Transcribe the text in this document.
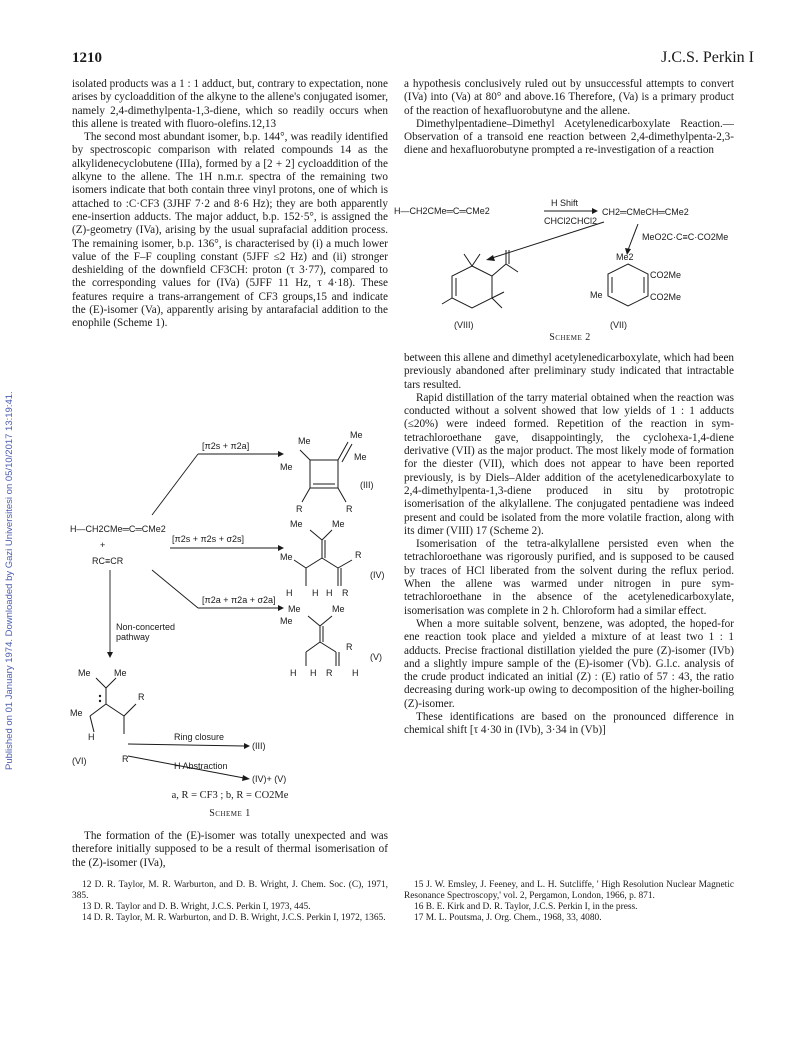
Published on 01 January 1974. Downloaded by Gazi Universitesi on 05/10/2017 13:19:41.
1210	J.C.S. Perkin I

isolated products was a 1 : 1 adduct, but, contrary to expectation, none arises by cycloaddition of the alkyne to the allene's conjugated isomer, namely 2,4-dimethylpenta-1,3-diene, which so readily occurs when this allene is treated with fluoro-olefins.12,13

The second most abundant isomer, b.p. 144°, was readily identified by spectroscopic comparison with related compounds 14 as the alkylidenecyclobutene (IIIa), formed by a [2 + 2] cycloaddition of the alkyne to the allene. The 1H n.m.r. spectra of the remaining two isomers indicate that both contain three vinyl protons, one of which is attached to :C·CF3 (3JHF 7·2 and 8·6 Hz); they are both apparently ene-insertion adducts. The major adduct, b.p. 152·5°, is assigned the (Z)-geometry (IVa), arising by the usual suprafacial addition process. The remaining isomer, b.p. 136°, is characterised by (i) a much lower value of the F–F coupling constant (5JFF ≤2 Hz) and (ii) stronger deshielding of the downfield CF3CH: proton (τ 3·77), compared to the corresponding values for (IVa) (5JFF 11 Hz, τ 4·18). These features require a trans-arrangement of CF3 groups,15 and indicate the (E)-isomer (Va), apparently arising by antarafacial addition to the enophile (Scheme 1).

H—CH2CMe═C═CMe2
+
RC≡CR
[π2s + π2a]
[π2s + π2s + σ2s]
[π2a + π2a + σ2a]
Non-concerted
pathway
Me
Me
Me
Me
R	R
(III)
Me	Me
Me	R
H H H R
(IV)
Me	Me
Me
H H R H
R
(V)
Me	Me
R
Me
H
R
(VI)
Ring closure
(III)
H Abstraction
(IV)+ (V)
a, R = CF3 ; b, R = CO2Me
Scheme 1

The formation of the (E)-isomer was totally unexpected and was therefore initially supposed to be a result of thermal isomerisation of the (Z)-isomer (IVa),

12 D. R. Taylor, M. R. Warburton, and D. B. Wright, J. Chem. Soc. (C), 1971, 385.

13 D. R. Taylor and D. B. Wright, J.C.S. Perkin I, 1973, 445.

14 D. R. Taylor, M. R. Warburton, and D. B. Wright, J.C.S. Perkin I, 1972, 1365.

a hypothesis conclusively ruled out by unsuccessful attempts to convert (IVa) into (Va) at 80° and above.16 Therefore, (Va) is a primary product of the reaction of hexafluorobutyne and the allene.

Dimethylpentadiene–Dimethyl Acetylenedicarboxylate Reaction.—Observation of a transoid ene reaction between 2,4-dimethylpenta-2,3-diene and hexafluorobutyne prompted a re-investigation of a reaction

H—CH2CMe═C═CMe2
H Shift
CHCl2CHCl2
CH2═CMeCH═CMe2
MeO2C·C≡C·CO2Me
(VIII)
Me2
CO2Me
CO2Me
Me
(VII)
Scheme 2

between this allene and dimethyl acetylenedicarboxylate, which had been previously abandoned after preliminary study indicated that intractable tars resulted.

Rapid distillation of the tarry material obtained when the reaction was conducted without a solvent showed that low yields of 1 : 1 adducts (≤20%) were indeed formed. Repetition of the reaction in sym-tetrachloroethane gave, disappointingly, the cyclohexa-1,4-diene derivative (VII) as the major product. The most likely mode of formation for the diester (VII), which does not appear to have been reported previously, is by Diels–Alder addition of the acetylenedicarboxylate to 2,4-dimethylpenta-1,3-diene produced in situ by prototropic isomerisation of the alkylallene. The conjugated pentadiene was indeed present and could be isolated from the more volatile fraction, along with its dimer (VIII) 17 (Scheme 2).

Isomerisation of the tetra-alkylallene persisted even when the tetrachloroethane was rigorously purified, and is supposed to be caused by traces of HCl liberated from the solvent during the reflux period. When the allene was warmed under nitrogen in pure sym-tetrachloroethane in the absence of the acetylenedicarboxylate, isomerisation was complete in 2 h. Chloroform had a similar effect.

When a more suitable solvent, benzene, was adopted, the hoped-for ene reaction took place and yielded a mixture of at least two 1 : 1 adducts. Precise fractional distillation yielded the pure (Z)-isomer (IVb) and a slightly impure sample of the (E)-isomer (Vb). G.l.c. analysis of the crude product indicated an initial (Z) : (E) ratio of 57 : 43, the ratio decreasing during work-up owing to decomposition of the higher-boiling (Z)-isomer.

These identifications are based on the pronounced difference in chemical shift [τ 4·30 in (IVb), 3·34 in (Vb)]

15 J. W. Emsley, J. Feeney, and L. H. Sutcliffe, ' High Resolution Nuclear Magnetic Resonance Spectroscopy,' vol. 2, Pergamon, London, 1966, p. 871.

16 B. E. Kirk and D. R. Taylor, J.C.S. Perkin I, in the press.

17 M. L. Poutsma, J. Org. Chem., 1968, 33, 4080.
